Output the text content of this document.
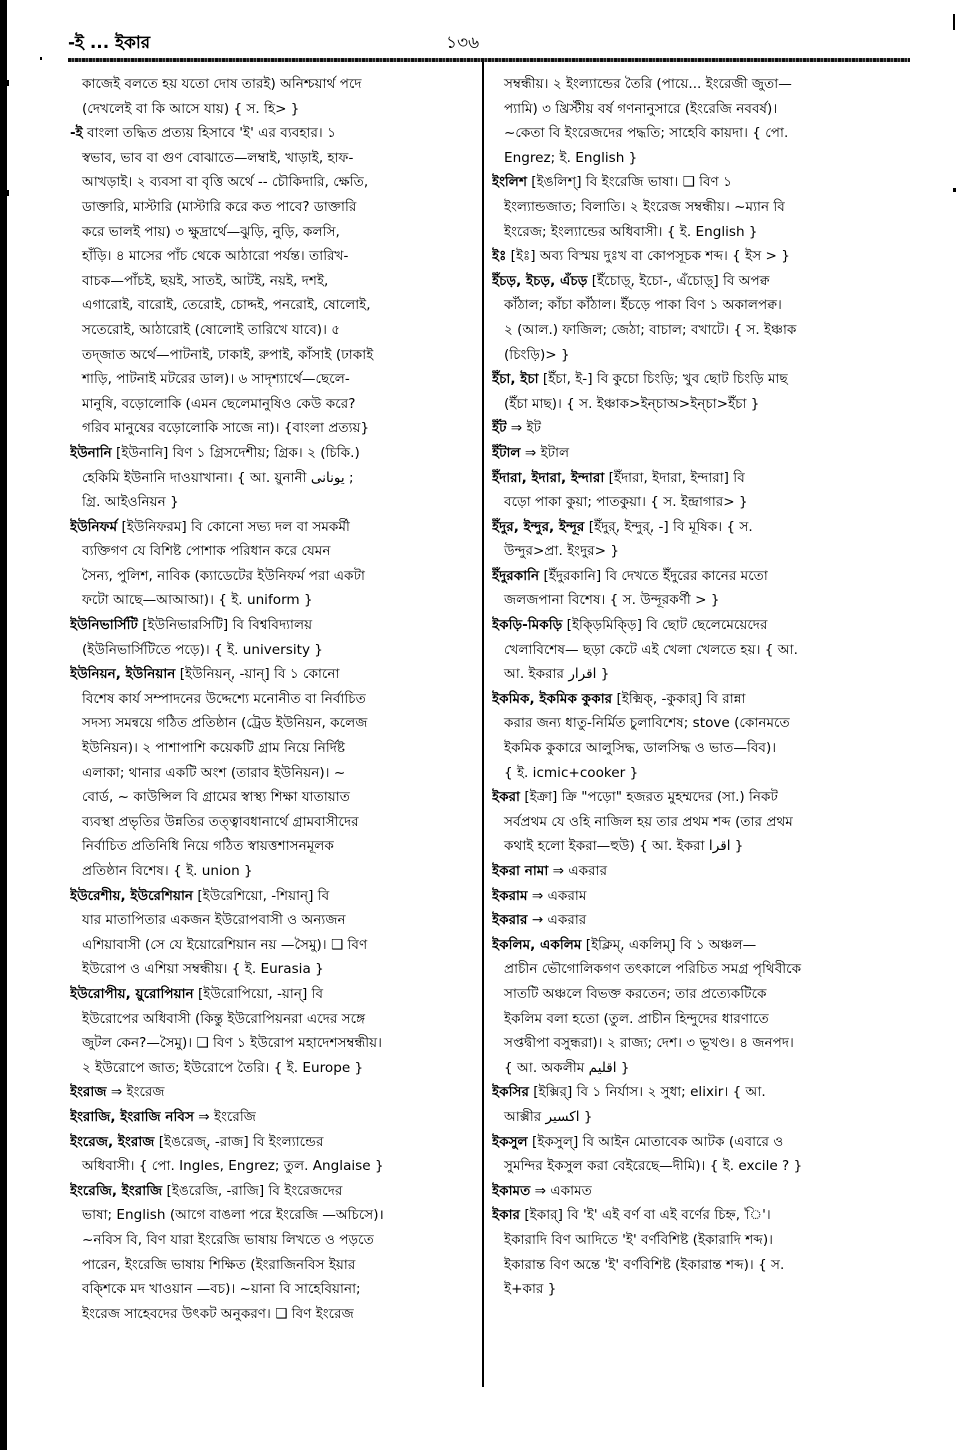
-ই ... ইকার	১৩৬
কাজেই বলতে হয় যতো দোষ তারই) অনিশ্চয়ার্থ পদে
(দেখলেই বা কি আসে যায়) { স. হি> }
-ই বাংলা তদ্ধিত প্রত্যয় হিসাবে 'ই' এর ব্যবহার। ১
স্বভাব, ভাব বা গুণ বোঝাতে—লম্বাই, খাড়াই, হাফ-
আখড়াই। ২ ব্যবসা বা বৃত্তি অর্থে -- চৌকিদারি, ক্ষেতি,
ডাক্তারি, মাস্টারি (মাস্টারি করে কত পাবে? ডাক্তারি
করে ভালই পায়) ৩ ক্ষুদ্রার্থে—ঝুড়ি, নুড়ি, কলসি,
হাঁড়ি। ৪ মাসের পাঁচ থেকে আঠারো পর্যন্ত। তারিখ-
বাচক—পাঁচই, ছয়ই, সাতই, আটই, নয়ই, দশই,
এগারোই, বারোই, তেরোই, চোদ্দই, পনরোই, ষোলোই,
সতেরোই, আঠারোই (ষোলোই তারিখে যাবে)। ৫
তদ্জাত অর্থে—পাটনাই, ঢাকাই, রুপাই, কাঁসাই (ঢাকাই
শাড়ি, পাটনাই মটরের ডাল)। ৬ সাদৃশ্যার্থে—ছেলে-
মানুষি, বড়োলোকি (এমন ছেলেমানুষিও কেউ করে?
গরিব মানুষের বড়োলোকি সাজে না)। {বাংলা প্রত্যয়}
ইউনানি [ইউনানি] বিণ ১ গ্রিসদেশীয়; গ্রিক। ২ (চিকি.)
হেকিমি ইউনানি দাওয়াখানা। { আ. য়ুনানী يونانى ;
গ্রি. আইওনিয়ন }
ইউনিফর্ম [ইউনিফরম] বি কোনো সভ্য দল বা সমকর্মী
ব্যক্তিগণ যে বিশিষ্ট পোশাক পরিধান করে যেমন
সৈন্য, পুলিশ, নাবিক (ক্যাডেটের ইউনিফর্ম পরা একটা
ফটো আছে—আআআ)। { ই. uniform }
ইউনিভার্সিটি [ইউনিভারসিটি] বি বিশ্ববিদ্যালয়
(ইউনিভার্সিটিতে পড়ে)। { ই. university }
ইউনিয়ন, ইউনিয়ান [ইউনিয়ন্, -য়ান্] বি ১ কোনো
বিশেষ কার্য সম্পাদনের উদ্দেশ্যে মনোনীত বা নির্বাচিত
সদস্য সমন্বয়ে গঠিত প্রতিষ্ঠান (ট্রেড ইউনিয়ন, কলেজ
ইউনিয়ন)। ২ পাশাপাশি কয়েকটি গ্রাম নিয়ে নির্দিষ্ট
এলাকা; থানার একটি অংশ (তারাব ইউনিয়ন)। ~
বোর্ড, ~ কাউন্সিল বি গ্রামের স্বাস্থ্য শিক্ষা যাতায়াত
ব্যবস্থা প্রভৃতির উন্নতির তত্ত্বাবধানার্থে গ্রামবাসীদের
নির্বাচিত প্রতিনিধি নিয়ে গঠিত স্বায়ত্তশাসনমূলক
প্রতিষ্ঠান বিশেষ। { ই. union }
ইউরেশীয়, ইউরেশিয়ান [ইউরেশিয়ো, -শিয়ান্] বি
যার মাতাপিতার একজন ইউরোপবাসী ও অন্যজন
এশিয়াবাসী (সে যে ইয়োরেশিয়ান নয় —সৈমু)। ❑ বিণ
ইউরোপ ও এশিয়া সম্বন্ধীয়। { ই. Eurasia }
ইউরোপীয়, য়ুরোপিয়ান [ইউরোপিয়ো, -য়ান্] বি
ইউরোপের অধিবাসী (কিন্তু ইউরোপিয়নরা এদের সঙ্গে
জুটল কেন?—সৈমু)। ❑ বিণ ১ ইউরোপ মহাদেশসম্বন্ধীয়।
২ ইউরোপে জাত; ইউরোপে তৈরি। { ই. Europe }
ইংরাজ ⇒ ইংরেজ
ইংরাজি, ইংরাজি নবিস ⇒ ইংরেজি
ইংরেজ, ইংরাজ [ইঙরেজ্, -রাজ] বি ইংল্যান্ডের
অধিবাসী। { পো. Ingles, Engrez; তুল. Anglaise }
ইংরেজি, ইংরাজি [ইঙরেজি, -রাজি] বি ইংরেজদের
ভাষা; English (আগে বাঙলা পরে ইংরেজি —অচিসে)।
~নবিস বি, বিণ যারা ইংরেজি ভাষায় লিখতে ও পড়তে
পারেন, ইংরেজি ভাষায় শিক্ষিত (ইংরাজিনবিস ইয়ার
বক্শিকে মদ খাওয়ান —বচ)। ~য়ানা বি সাহেবিয়ানা;
ইংরেজ সাহেবদের উৎকট অনুকরণ। ❑ বিণ ইংরেজ
সম্বন্ধীয়। ২ ইংল্যান্ডের তৈরি (পায়ে... ইংরেজী জুতা—
প্যামি) ৩ খ্রিস্টীয় বর্ষ গণনানুসারে (ইংরেজি নববর্ষ)।
~কেতা বি ইংরেজদের পদ্ধতি; সাহেবি কায়দা। { পো.
Engrez; ই. English }
ইংলিশ [ইঙলিশ্] বি ইংরেজি ভাষা। ❑ বিণ ১
ইংল্যান্ডজাত; বিলাতি। ২ ইংরেজ সম্বন্ধীয়। ~ম্যান বি
ইংরেজ; ইংল্যান্ডের অধিবাসী। { ই. English }
ইঃ [ইঃ] অব্য বিস্ময় দুঃখ বা কোপসূচক শব্দ। { ইস > }
ইঁচড়, ইচড়, এঁচড় [ইঁচোড়্, ইচো-, এঁচোড়্] বি অপক্ব
কাঁঠাল; কাঁচা কাঁঠাল। ইঁচড়ে পাকা বিণ ১ অকালপক্ব।
২ (আল.) ফাজিল; জেঠা; বাচাল; বখাটে। { স. ইঞ্চাক
(চিংড়ি)> }
ইঁচা, ইচা [ইঁচা, ই-] বি কুচো চিংড়ি; খুব ছোট চিংড়ি মাছ
(ইঁচা মাছ)। { স. ইঞ্চাক>ইন্চাঅ>ইন্চা>ইঁচা }
ইঁট ⇒ ইট
ইঁটাল ⇒ ইটাল
ইঁদারা, ইদারা, ইন্দারা [ইঁদারা, ইদারা, ইন্দারা] বি
বড়ো পাকা কুয়া; পাতকুয়া। { স. ইন্দ্রাগার> }
ইঁদুর, ইন্দুর, ইন্দূর [ইঁদুর্, ইন্দুর্, -] বি মূষিক। { স.
উন্দুর>প্রা. ইংদুর> }
ইঁদুরকানি [ইঁদুরকানি] বি দেখতে ইঁদুরের কানের মতো
জলজপানা বিশেষ। { স. উন্দূরকর্ণী > }
ইকড়ি-মিকড়ি [ইক্ড়িমিক্ড়ি] বি ছোট ছেলেমেয়েদের
খেলাবিশেষ— ছড়া কেটে এই খেলা খেলতে হয়। { আ.
আ. ইকরার اقرار }
ইকমিক, ইকমিক কুকার [ইক্মিক্, -কুকার্] বি রান্না
করার জন্য ধাতু-নির্মিত চুলাবিশেষ; stove (কোনমতে
ইকমিক কুকারে আলুসিদ্ধ, ডালসিদ্ধ ও ভাত—বিব)।
{ ই. icmic+cooker }
ইকরা [ইক্রা] ক্রি "পড়ো" হজরত মুহম্মদের (সা.) নিকট
সর্বপ্রথম যে ওহি নাজিল হয় তার প্রথম শব্দ (তার প্রথম
কথাই হলো ইকরা—হুউ) { আ. ইকরা اقرا }
ইকরা নামা ⇒ একরার
ইকরাম ⇒ একরাম
ইকরার → একরার
ইকলিম, একলিম [ইক্লিম্, একলিম্] বি ১ অঞ্চল—
প্রাচীন ভৌগোলিকগণ তৎকালে পরিচিত সমগ্র পৃথিবীকে
সাতটি অঞ্চলে বিভক্ত করতেন; তার প্রত্যেকটিকে
ইকলিম বলা হতো (তুল. প্রাচীন হিন্দুদের ধারণাতে
সপ্তদ্বীপা বসুন্ধরা)। ২ রাজ্য; দেশ। ৩ ভূখণ্ড। ৪ জনপদ।
{ আ. অকলীম اقليم }
ইকসির [ইক্সির্] বি ১ নির্যাস। ২ সুধা; elixir। { আ.
আক্সীর اكسير }
ইকসুল [ইকসুল্] বি আইন মোতাবেক আটক (এবারে ও
সুমন্দির ইকসুল করা বেইরেছে—দীমি)। { ই. excile ? }
ইকামত ⇒ একামত
ইকার [ইকার্] বি 'ই' এই বর্ণ বা এই বর্ণের চিহ্ন, 'ি'।
ইকারাদি বিণ আদিতে 'ই' বর্ণবিশিষ্ট (ইকারাদি শব্দ)।
ইকারান্ত বিণ অন্তে 'ই' বর্ণবিশিষ্ট (ইকারান্ত শব্দ)। { স.
ই+কার }
